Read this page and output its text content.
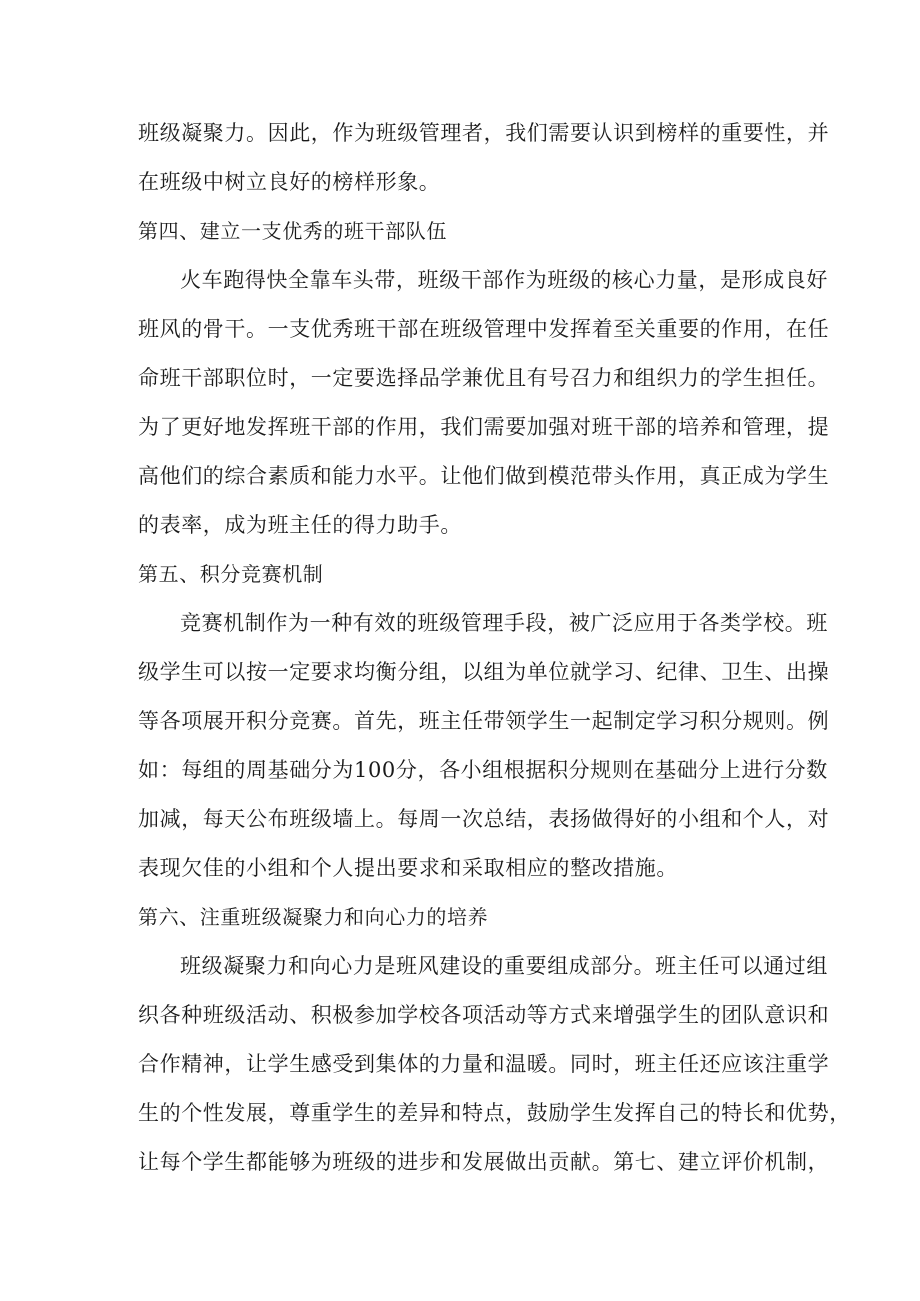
班级凝聚力。因此，作为班级管理者，我们需要认识到榜样的重要性，并
在班级中树立良好的榜样形象。
第四、建立一支优秀的班干部队伍
火车跑得快全靠车头带，班级干部作为班级的核心力量，是形成良好
班风的骨干。一支优秀班干部在班级管理中发挥着至关重要的作用，在任
命班干部职位时，一定要选择品学兼优且有号召力和组织力的学生担任。
为了更好地发挥班干部的作用，我们需要加强对班干部的培养和管理，提
高他们的综合素质和能力水平。让他们做到模范带头作用，真正成为学生
的表率，成为班主任的得力助手。
第五、积分竞赛机制
竞赛机制作为一种有效的班级管理手段，被广泛应用于各类学校。班
级学生可以按一定要求均衡分组，以组为单位就学习、纪律、卫生、出操
等各项展开积分竞赛。首先，班主任带领学生一起制定学习积分规则。例
如：每组的周基础分为100分，各小组根据积分规则在基础分上进行分数
加减，每天公布班级墙上。每周一次总结，表扬做得好的小组和个人，对
表现欠佳的小组和个人提出要求和采取相应的整改措施。
第六、注重班级凝聚力和向心力的培养
班级凝聚力和向心力是班风建设的重要组成部分。班主任可以通过组
织各种班级活动、积极参加学校各项活动等方式来增强学生的团队意识和
合作精神，让学生感受到集体的力量和温暖。同时，班主任还应该注重学
生的个性发展，尊重学生的差异和特点，鼓励学生发挥自己的特长和优势，
让每个学生都能够为班级的进步和发展做出贡献。第七、建立评价机制，
